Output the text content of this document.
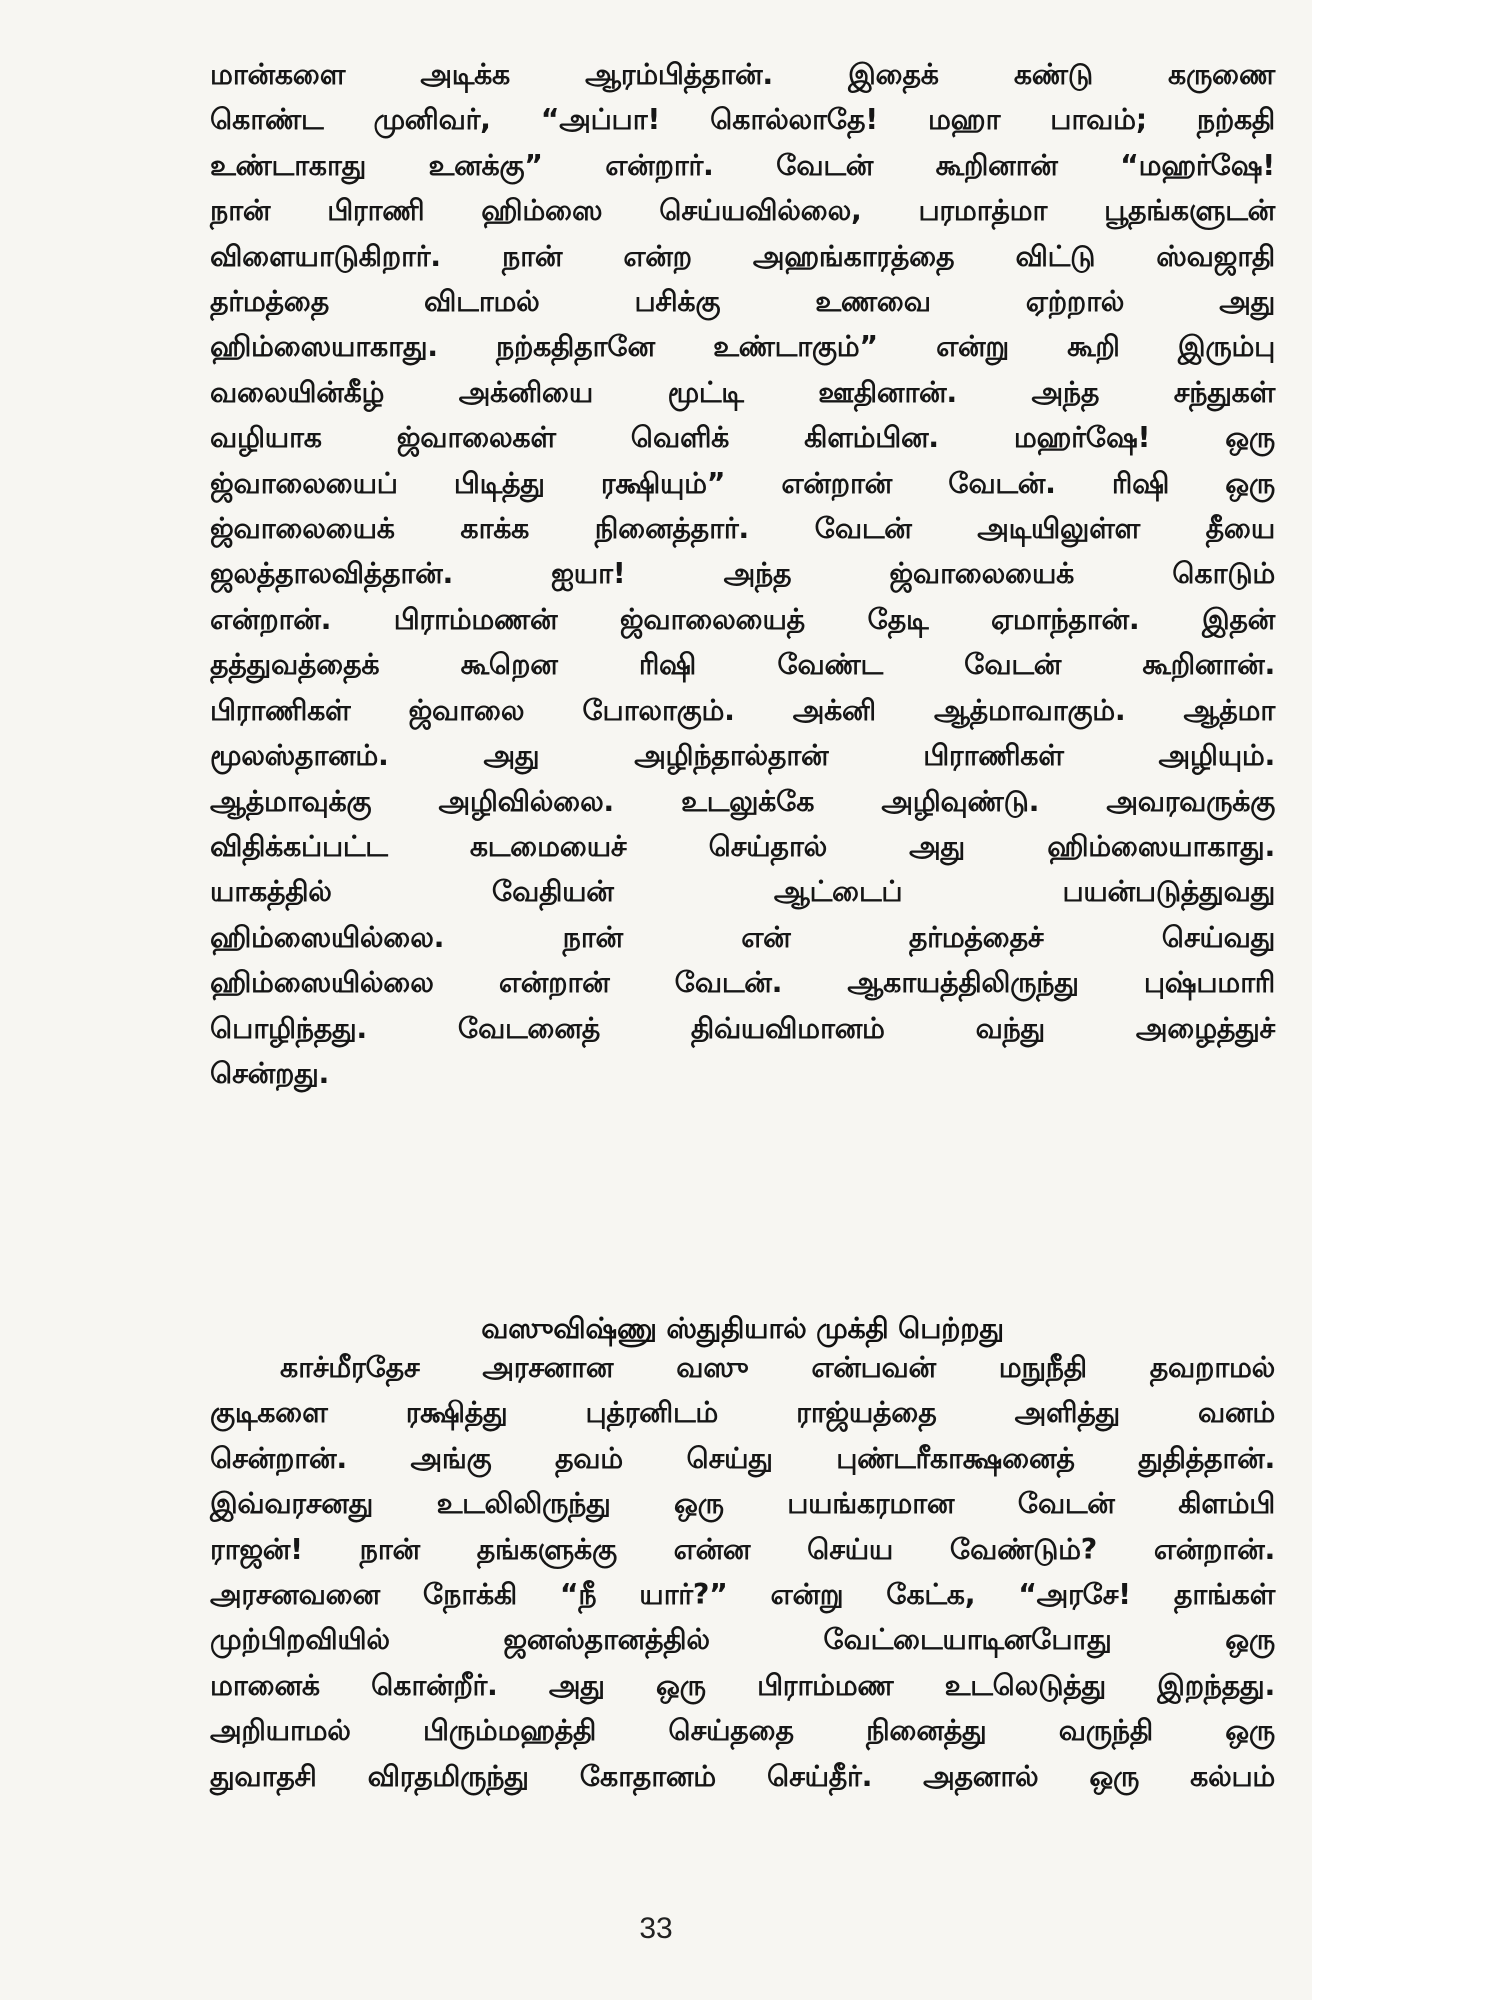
மான்களை அடிக்க ஆரம்பித்தான். இதைக் கண்டு கருணை
கொண்ட முனிவர், “அப்பா! கொல்லாதே! மஹா பாவம்; நற்கதி
உண்டாகாது உனக்கு” என்றார். வேடன் கூறினான் “மஹர்ஷே!
நான் பிராணி ஹிம்ஸை செய்யவில்லை, பரமாத்மா பூதங்களுடன்
விளையாடுகிறார். நான் என்ற அஹங்காரத்தை விட்டு ஸ்வஜாதி
தர்மத்தை விடாமல் பசிக்கு உணவை ஏற்றால் அது
ஹிம்ஸையாகாது. நற்கதிதானே உண்டாகும்” என்று கூறி இரும்பு
வலையின்கீழ் அக்னியை மூட்டி ஊதினான். அந்த சந்துகள்
வழியாக ஜ்வாலைகள் வெளிக் கிளம்பின. மஹர்ஷே! ஒரு
ஜ்வாலையைப் பிடித்து ரக்ஷியும்” என்றான் வேடன். ரிஷி ஒரு
ஜ்வாலையைக் காக்க நினைத்தார். வேடன் அடியிலுள்ள தீயை
ஜலத்தாலவித்தான். ஐயா! அந்த ஜ்வாலையைக் கொடும்
என்றான். பிராம்மணன் ஜ்வாலையைத் தேடி ஏமாந்தான். இதன்
தத்துவத்தைக் கூறென ரிஷி வேண்ட வேடன் கூறினான்.
பிராணிகள் ஜ்வாலை போலாகும். அக்னி ஆத்மாவாகும். ஆத்மா
மூலஸ்தானம். அது அழிந்தால்தான் பிராணிகள் அழியும்.
ஆத்மாவுக்கு அழிவில்லை. உடலுக்கே அழிவுண்டு. அவரவருக்கு
விதிக்கப்பட்ட கடமையைச் செய்தால் அது ஹிம்ஸையாகாது.
யாகத்தில் வேதியன் ஆட்டைப் பயன்படுத்துவது
ஹிம்ஸையில்லை. நான் என் தர்மத்தைச் செய்வது
ஹிம்ஸையில்லை என்றான் வேடன். ஆகாயத்திலிருந்து புஷ்பமாரி
பொழிந்தது. வேடனைத் திவ்யவிமானம் வந்து அழைத்துச்
சென்றது.
வஸுவிஷ்ணு ஸ்துதியால் முக்தி பெற்றது
காச்மீரதேச அரசனான வஸு என்பவன் மநுநீதி தவறாமல்
குடிகளை ரக்ஷித்து புத்ரனிடம் ராஜ்யத்தை அளித்து வனம்
சென்றான். அங்கு தவம் செய்து புண்டரீகாக்ஷனைத் துதித்தான்.
இவ்வரசனது உடலிலிருந்து ஒரு பயங்கரமான வேடன் கிளம்பி
ராஜன்! நான் தங்களுக்கு என்ன செய்ய வேண்டும்? என்றான்.
அரசனவனை நோக்கி “நீ யார்?” என்று கேட்க, “அரசே! தாங்கள்
முற்பிறவியில் ஜனஸ்தானத்தில் வேட்டையாடினபோது ஒரு
மானைக் கொன்றீர். அது ஒரு பிராம்மண உடலெடுத்து இறந்தது.
அறியாமல் பிரும்மஹத்தி செய்ததை நினைத்து வருந்தி ஒரு
துவாதசி விரதமிருந்து கோதானம் செய்தீர். அதனால் ஒரு கல்பம்
33
